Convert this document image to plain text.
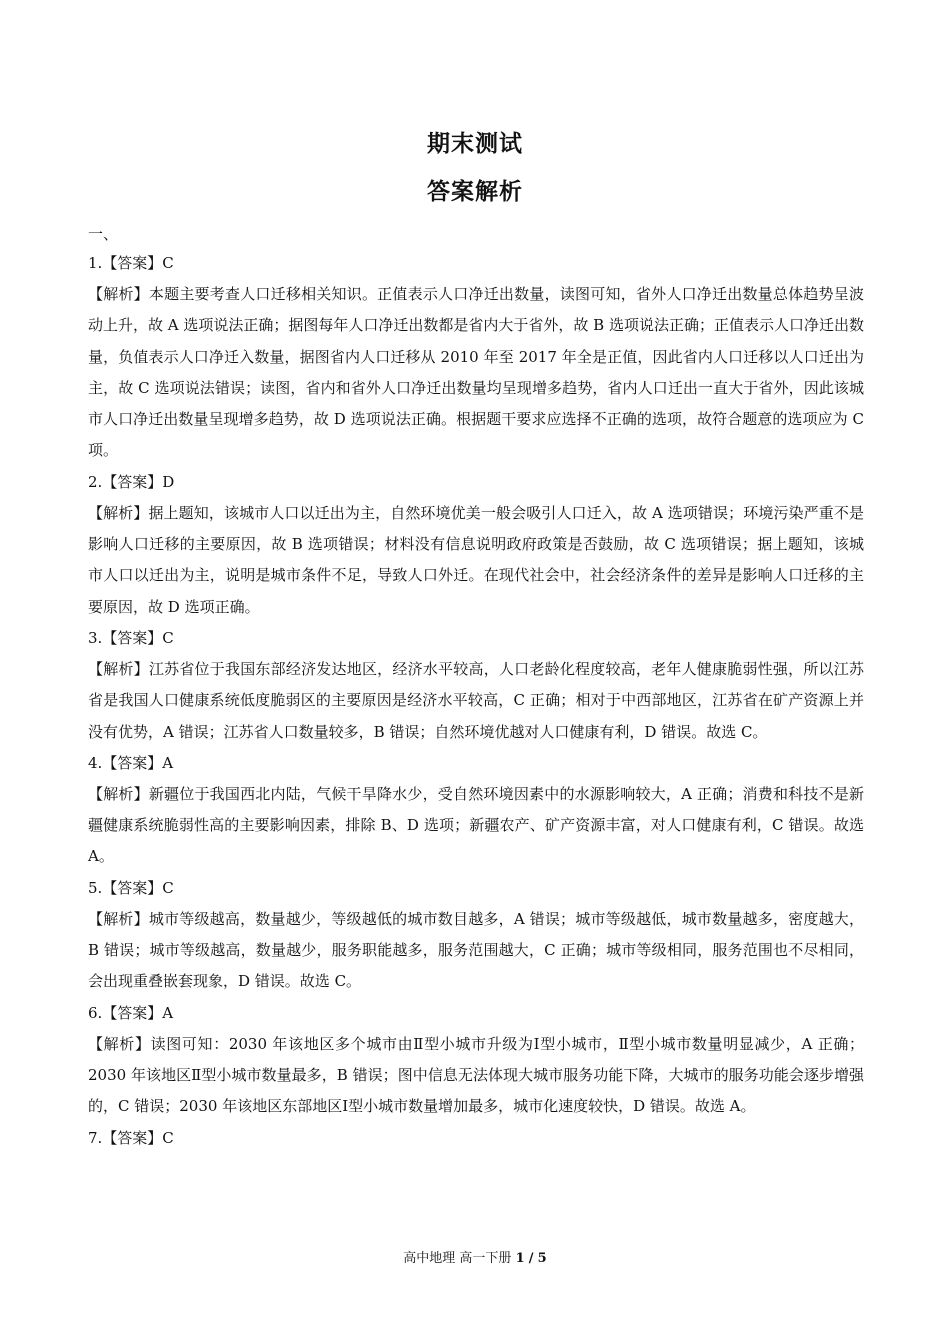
期末测试
答案解析
一、
1.【答案】C
【解析】本题主要考查人口迁移相关知识。正值表示人口净迁出数量，读图可知，省外人口净迁出数量总体趋势呈波动上升，故 A 选项说法正确；据图每年人口净迁出数都是省内大于省外，故 B 选项说法正确；正值表示人口净迁出数量，负值表示人口净迁入数量，据图省内人口迁移从 2010 年至 2017 年全是正值，因此省内人口迁移以人口迁出为主，故 C 选项说法错误；读图，省内和省外人口净迁出数量均呈现增多趋势，省内人口迁出一直大于省外，因此该城市人口净迁出数量呈现增多趋势，故 D 选项说法正确。根据题干要求应选择不正确的选项，故符合题意的选项应为 C 项。
2.【答案】D
【解析】据上题知，该城市人口以迁出为主，自然环境优美一般会吸引人口迁入，故 A 选项错误；环境污染严重不是影响人口迁移的主要原因，故 B 选项错误；材料没有信息说明政府政策是否鼓励，故 C 选项错误；据上题知，该城市人口以迁出为主，说明是城市条件不足，导致人口外迁。在现代社会中，社会经济条件的差异是影响人口迁移的主要原因，故 D 选项正确。
3.【答案】C
【解析】江苏省位于我国东部经济发达地区，经济水平较高，人口老龄化程度较高，老年人健康脆弱性强，所以江苏省是我国人口健康系统低度脆弱区的主要原因是经济水平较高，C 正确；相对于中西部地区，江苏省在矿产资源上并没有优势，A 错误；江苏省人口数量较多，B 错误；自然环境优越对人口健康有利，D 错误。故选 C。
4.【答案】A
【解析】新疆位于我国西北内陆，气候干旱降水少，受自然环境因素中的水源影响较大，A 正确；消费和科技不是新疆健康系统脆弱性高的主要影响因素，排除 B、D 选项；新疆农产、矿产资源丰富，对人口健康有利，C 错误。故选 A。
5.【答案】C
【解析】城市等级越高，数量越少，等级越低的城市数目越多，A 错误；城市等级越低，城市数量越多，密度越大，B 错误；城市等级越高，数量越少，服务职能越多，服务范围越大，C 正确；城市等级相同，服务范围也不尽相同，会出现重叠嵌套现象，D 错误。故选 C。
6.【答案】A
【解析】读图可知：2030 年该地区多个城市由Ⅱ型小城市升级为Ⅰ型小城市，Ⅱ型小城市数量明显减少，A 正确；2030 年该地区Ⅱ型小城市数量最多，B 错误；图中信息无法体现大城市服务功能下降，大城市的服务功能会逐步增强的，C 错误；2030 年该地区东部地区Ⅰ型小城市数量增加最多，城市化速度较快，D 错误。故选 A。
7.【答案】C
高中地理 高一下册 1 / 5
